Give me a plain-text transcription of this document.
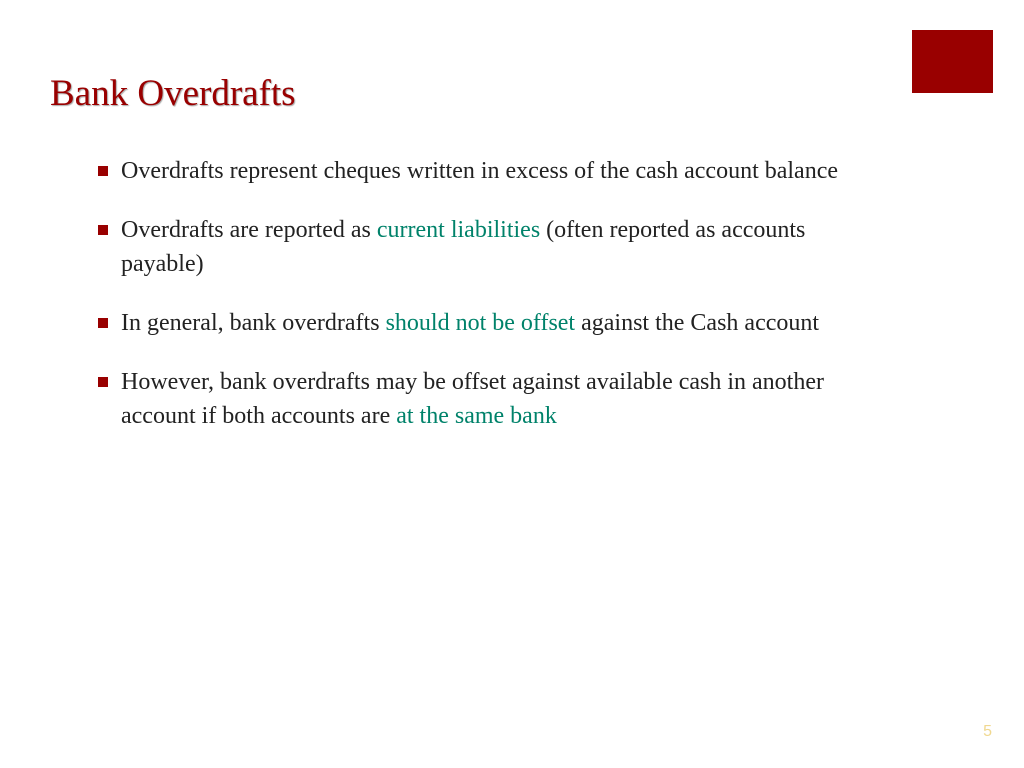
Bank Overdrafts
Overdrafts represent cheques written in excess of the cash account balance
Overdrafts are reported as current liabilities (often reported as accounts payable)
In general, bank overdrafts should not be offset against the Cash account
However, bank overdrafts may be offset against available cash in another account if both accounts are at the same bank
5
